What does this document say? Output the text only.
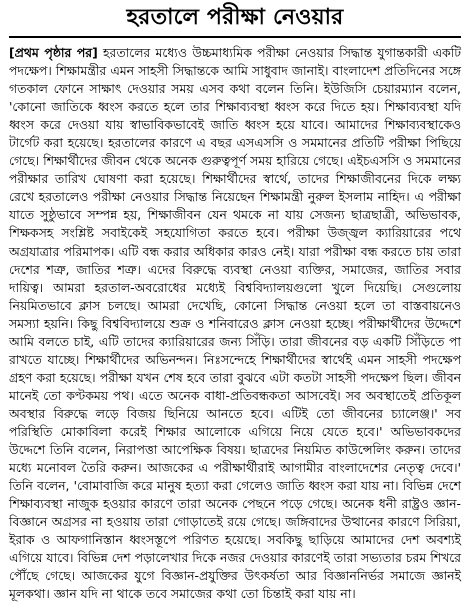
হরতালে পরীক্ষা নেওয়ার
[প্রথম পৃষ্ঠার পর] হরতালের মধ্যেও উচ্চমাধ্যমিক পরীক্ষা নেওয়ার সিদ্ধান্ত যুগান্তকারী একটি পদক্ষেপ। শিক্ষামন্ত্রীর এমন সাহসী সিদ্ধান্তকে আমি সাধুবাদ জানাই। বাংলাদেশ প্রতিদিনের সঙ্গে গতকাল ফোনে সাক্ষাৎ দেওয়ার সময় এসব কথা বলেন তিনি। ইউজিসি চেয়ারম্যান বলেন, 'কোনো জাতিকে ধ্বংস করতে হলে তার শিক্ষাব্যবস্থা ধ্বংস করে দিতে হয়। শিক্ষাব্যবস্থা যদি ধ্বংস করে দেওয়া যায় স্বাভাবিকভাবেই জাতি ধ্বংস হয়ে যাবে। আমাদের শিক্ষাব্যবস্থাকেও টার্গেট করা হয়েছে। হরতালের কারণে এ বছর এসএসসি ও সমমানের প্রতিটি পরীক্ষা পিছিয়ে গেছে। শিক্ষার্থীদের জীবন থেকে অনেক গুরুত্বপূর্ণ সময় হারিয়ে গেছে। এইচএসসি ও সমমানের পরীক্ষার তারিখ ঘোষণা করা হয়েছে। শিক্ষার্থীদের স্বার্থে, তাদের শিক্ষাজীবনের দিকে লক্ষ্য রেখে হরতালেও পরীক্ষা নেওয়ার সিদ্ধান্ত নিয়েছেন শিক্ষামন্ত্রী নুরুল ইসলাম নাহিদ। এ পরীক্ষা যাতে সুষ্ঠুভাবে সম্পন্ন হয়, শিক্ষাজীবন যেন থমকে না যায় সেজন্য ছাত্রছাত্রী, অভিভাবক, শিক্ষকসহ সংশ্লিষ্ট সবাইকেই সহযোগিতা করতে হবে। পরীক্ষা উজ্জ্বল ক্যারিয়ারের পথে অগ্রযাত্রার পরিমাপক। এটি বন্ধ করার অধিকার কারও নেই। যারা পরীক্ষা বন্ধ করতে চায় তারা দেশের শত্রু, জাতির শত্রু। এদের বিরুদ্ধে ব্যবস্থা নেওয়া ব্যক্তির, সমাজের, জাতির সবার দায়িত্ব। আমরা হরতাল-অবরোধের মধ্যেই বিশ্ববিদ্যালয়গুলো খুলে দিয়েছি। সেগুলোয় নিয়মিতভাবে ক্লাস চলছে। আমরা দেখেছি, কোনো সিদ্ধান্ত নেওয়া হলে তা বাস্তবায়নেও সমস্যা হয়নি। কিছু বিশ্ববিদ্যালয়ে শুক্র ও শনিবারেও ক্লাস নেওয়া হচ্ছে। পরীক্ষার্থীদের উদ্দেশে আমি বলতে চাই, এটি তাদের ক্যারিয়ারের জন্য সিঁড়ি। তারা জীবনের বড় একটি সিঁড়িতে পা রাখতে যাচ্ছে। শিক্ষার্থীদের অভিনন্দন। নিঃসন্দেহে শিক্ষার্থীদের স্বার্থেই এমন সাহসী পদক্ষেপ গ্রহণ করা হয়েছে। পরীক্ষা যখন শেষ হবে তারা বুঝবে এটা কতটা সাহসী পদক্ষেপ ছিল। জীবন মানেই তো কণ্টকময় পথ। এতে অনেক বাধা-প্রতিবন্ধকতা আসবেই। সব অবস্থাতেই প্রতিকূল অবস্থার বিরুদ্ধে লড়ে বিজয় ছিনিয়ে আনতে হবে। এটিই তো জীবনের চ্যালেঞ্জ।' সব পরিস্থিতি মোকাবিলা করেই শিক্ষার আলোকে এগিয়ে নিয়ে যেতে হবে।' অভিভাবকদের উদ্দেশে তিনি বলেন, নিরাপত্তা আপেক্ষিক বিষয়। ছাত্রদের নিয়মিত কাউন্সেলিং করুন। তাদের মধ্যে মনোবল তৈরি করুন। আজকের এ পরীক্ষার্থীরাই আগামীর বাংলাদেশের নেতৃত্ব দেবে।' তিনি বলেন, 'বোমাবাজি করে মানুষ হত্যা করা গেলেও জাতি ধ্বংস করা যায় না। বিভিন্ন দেশে শিক্ষাব্যবস্থা নাজুক হওয়ার কারণে তারা অনেক পেছনে পড়ে গেছে। অনেক ধনী রাষ্ট্রও জ্ঞান-বিজ্ঞানে অগ্রসর না হওয়ায় তারা গোড়াতেই রয়ে গেছে। জঙ্গিবাদের উত্থানের কারণে সিরিয়া, ইরাক ও আফগানিস্তান ধ্বংসস্তূপে পরিণত হয়েছে। সবকিছু ছাড়িয়ে আমাদের দেশ অবশ্যই এগিয়ে যাবে। বিভিন্ন দেশ পড়ালেখার দিকে নজর দেওয়ার কারণেই তারা সভ্যতার চরম শিখরে পৌঁছে গেছে। আজকের যুগে বিজ্ঞান-প্রযুক্তির উৎকর্ষতা আর বিজ্ঞাননির্ভর সমাজে জ্ঞানই মূলকথা। জ্ঞান যদি না থাকে তবে সমাজের কথা তো চিন্তাই করা যায় না।
